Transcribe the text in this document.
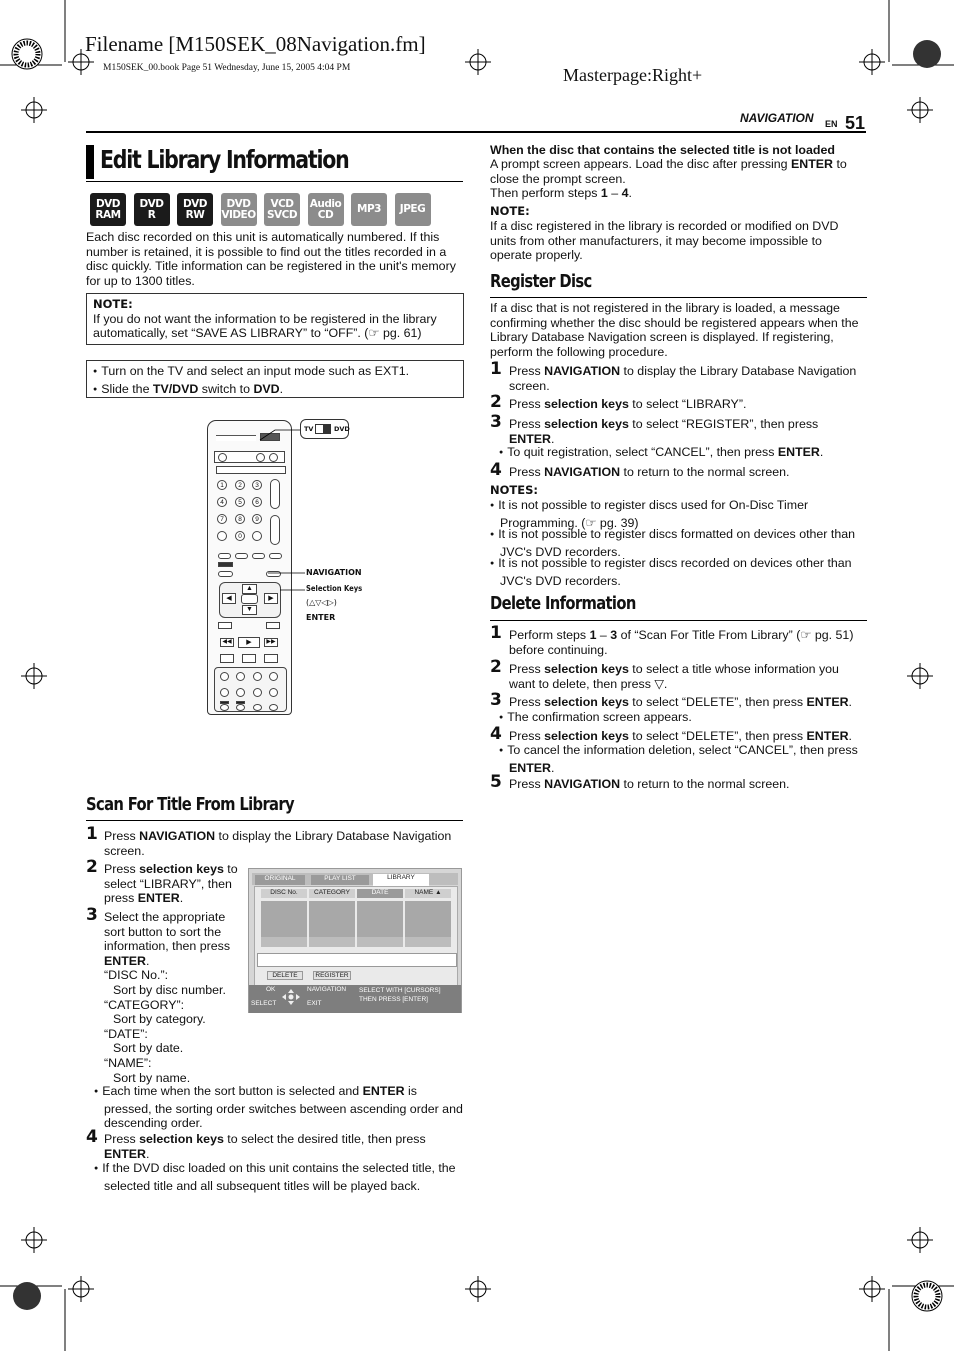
Filename [M150SEK_08Navigation.fm]
M150SEK_00.book Page 51 Wednesday, June 15, 2005 4:04 PM	Masterpage:Right+
NAVIGATION EN 51
Edit Library Information
DVD
RAM
DVD
R
DVD
RW
DVD
VIDEO
VCD
SVCD
Audio
CD	MP3 JPEG
Each disc recorded on this unit is automatically numbered. If this number is retained, it is possible to find out the titles recorded in a disc quickly. Title information can be registered in the unit's memory for up to 1300 titles.
NOTE:
If you do not want the information to be registered in the library automatically, set “SAVE AS LIBRARY” to “OFF”. (☞ pg. 61)
● Turn on the TV and select an input mode such as EXT1.
● Slide the TV/DVD switch to DVD.
1	2	3
4	5	6
7	8	9
0
▲
▼
◀	▶
◀◀	▶	▶▶
TV	DVD
NAVIGATION
Selection Keys
(△▽◁▷)
ENTER
Scan For Title From Library
1 Press NAVIGATION to display the Library Database Navigation screen.
2 Press selection keys to select “LIBRARY”, then press ENTER.
3 Select the appropriate sort button to sort the information, then press ENTER.
“DISC No.”:
Sort by disc number.
“CATEGORY”:
Sort by category.
“DATE”:
Sort by date.
“NAME”:
Sort by name.
● Each time when the sort button is selected and ENTER is pressed, the sorting order switches between ascending order and descending order.
4 Press selection keys to select the desired title, then press ENTER.
● If the DVD disc loaded on this unit contains the selected title, the selected title and all subsequent titles will be played back.
ORIGINAL	PLAY LIST	LIBRARY
DISC No.	CATEGORY	DATE	NAME ▲
DELETE	REGISTER
OK
SELECT
NAVIGATION
EXIT
SELECT WITH [CURSORS]
THEN PRESS [ENTER]
When the disc that contains the selected title is not loaded
A prompt screen appears. Load the disc after pressing ENTER to close the prompt screen.
Then perform steps 1 – 4.
NOTE:
If a disc registered in the library is recorded or modified on DVD units from other manufacturers, it may become impossible to operate properly.
Register Disc
If a disc that is not registered in the library is loaded, a message confirming whether the disc should be registered appears when the Library Database Navigation screen is displayed. If registering, perform the following procedure.
1 Press NAVIGATION to display the Library Database Navigation screen.
2 Press selection keys to select “LIBRARY”.
3 Press selection keys to select “REGISTER”, then press ENTER.
● To quit registration, select “CANCEL”, then press ENTER.
4 Press NAVIGATION to return to the normal screen.
NOTES:
● It is not possible to register discs used for On-Disc Timer Programming. (☞ pg. 39)
● It is not possible to register discs formatted on devices other than JVC's DVD recorders.
● It is not possible to register discs recorded on devices other than JVC's DVD recorders.
Delete Information
1 Perform steps 1 – 3 of “Scan For Title From Library” (☞ pg. 51) before continuing.
2 Press selection keys to select a title whose information you want to delete, then press ▽.
3 Press selection keys to select “DELETE”, then press ENTER.
● The confirmation screen appears.
4 Press selection keys to select “DELETE”, then press ENTER.
● To cancel the information deletion, select “CANCEL”, then press ENTER.
5 Press NAVIGATION to return to the normal screen.
